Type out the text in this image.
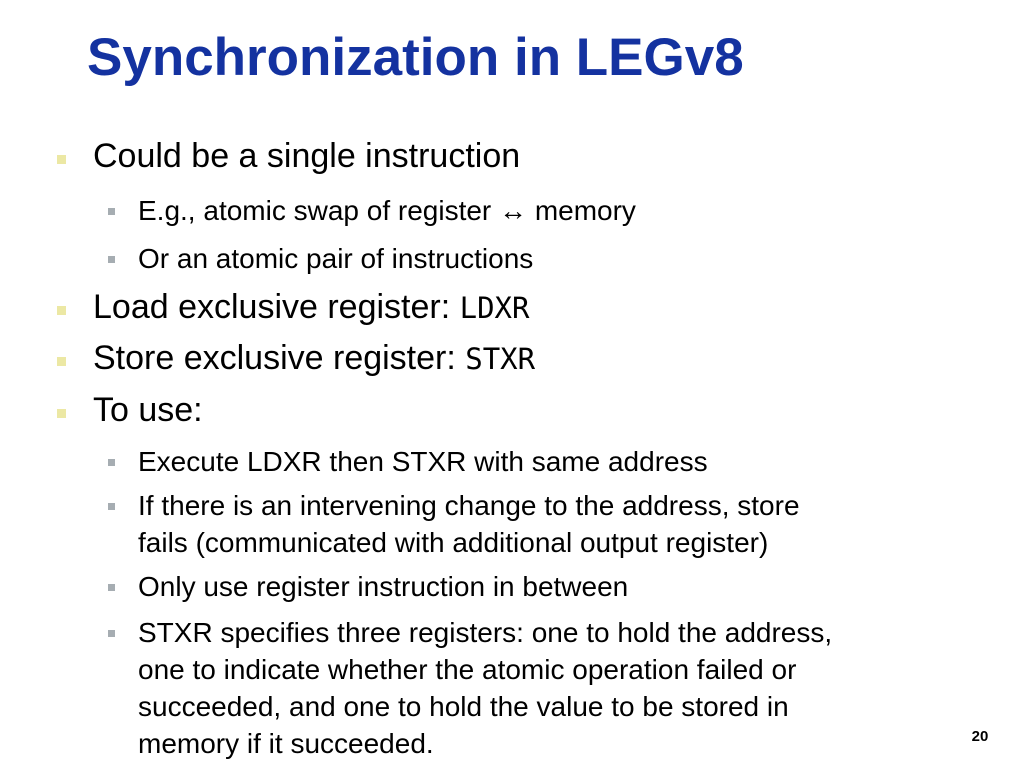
Synchronization in LEGv8
Could be a single instruction
E.g., atomic swap of register ↔ memory
Or an atomic pair of instructions
Load exclusive register: LDXR
Store exclusive register: STXR
To use:
Execute LDXR then STXR with same address
If there is an intervening change to the address, store
fails (communicated with additional output register)
Only use register instruction in between
STXR specifies three registers: one to hold the address,
one to indicate whether the atomic operation failed or
succeeded, and one to hold the value to be stored in
memory if it succeeded.	20
